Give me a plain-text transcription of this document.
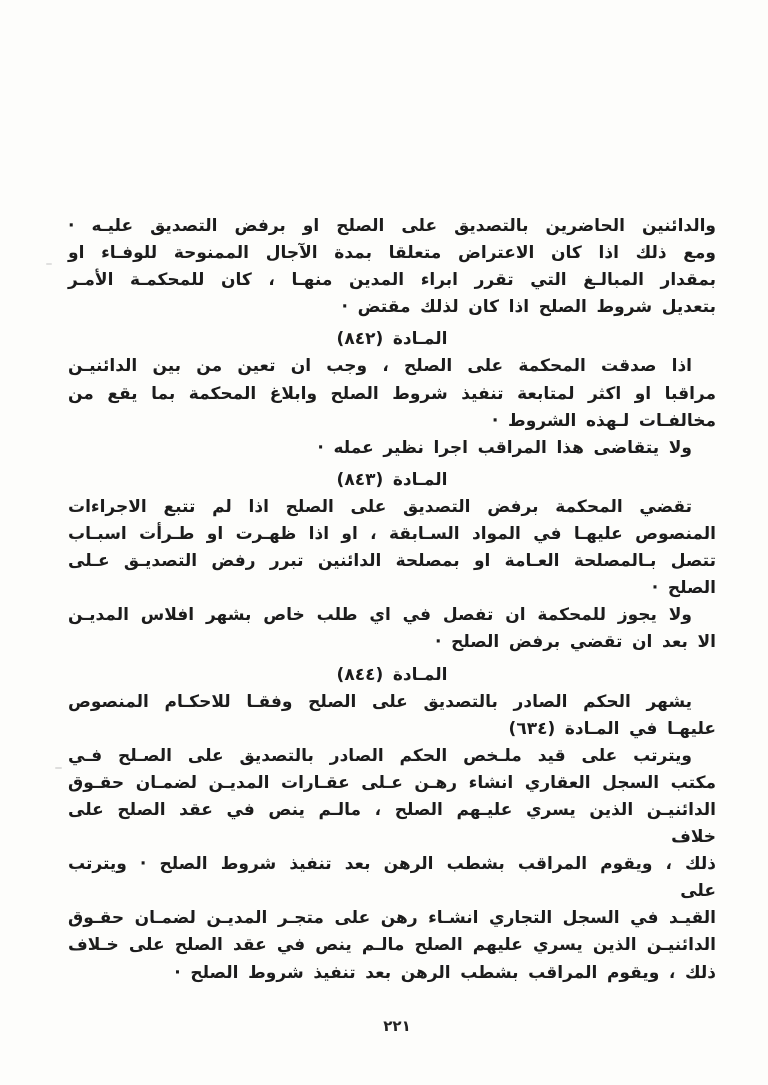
والدائنين الحاضرين بالتصديق على الصلح او برفض التصديق عليـه ·
ومع ذلك اذا كان الاعتراض متعلقا بمدة الآجال الممنوحة للوفـاء او
بمقدار المبالـغ التي تقرر ابراء المدين منهـا ، كان للمحكمـة الأمـر
بتعديل شروط الصلح اذا كان لذلك مقتض ·
المـادة (٨٤٢)
اذا صدقت المحكمة على الصلح ، وجب ان تعين من بين الدائنيـن
مراقبا او اكثر لمتابعة تنفيذ شروط الصلح وابلاغ المحكمة بما يقع من
مخالفـات لـهذه الشروط ·
ولا يتقاضى هذا المراقب اجرا نظير عمله ·
المـادة (٨٤٣)
تقضي المحكمة برفض التصديق على الصلح اذا لم تتبع الاجراءات
المنصوص عليهـا في المواد السـابقة ، او اذا ظهـرت او طـرأت اسبـاب
تتصل بـالمصلحة العـامة او بمصلحة الدائنين تبرر رفض التصديـق عـلى
الصلح ·
ولا يجوز للمحكمة ان تفصل في اي طلب خاص بشهر افلاس المديـن
الا بعد ان تقضي برفض الصلح ·
المـادة (٨٤٤)
يشهر الحكم الصادر بالتصديق على الصلح وفقـا للاحكـام المنصوص
عليهـا في المـادة (٦٣٤)
ويترتب على قيد ملـخص الحكم الصادر بالتصديق على الصـلح فـي
مكتب السجل العقاري انشاء رهـن عـلى عقـارات المديـن لضمـان حقـوق
الدائنيـن الذين يسري عليـهم الصلح ، مالـم ينص في عقد الصلح على خلاف
ذلك ، ويقوم المراقب بشطب الرهن بعد تنفيذ شروط الصلح · ويترتب على
القيـد في السجل التجاري انشـاء رهن على متجـر المديـن لضمـان حقـوق
الدائنيـن الذين يسري عليهم الصلح مالـم ينص في عقد الصلح على خـلاف
ذلك ، ويقوم المراقب بشطب الرهن بعد تنفيذ شروط الصلح ·
٢٢١
